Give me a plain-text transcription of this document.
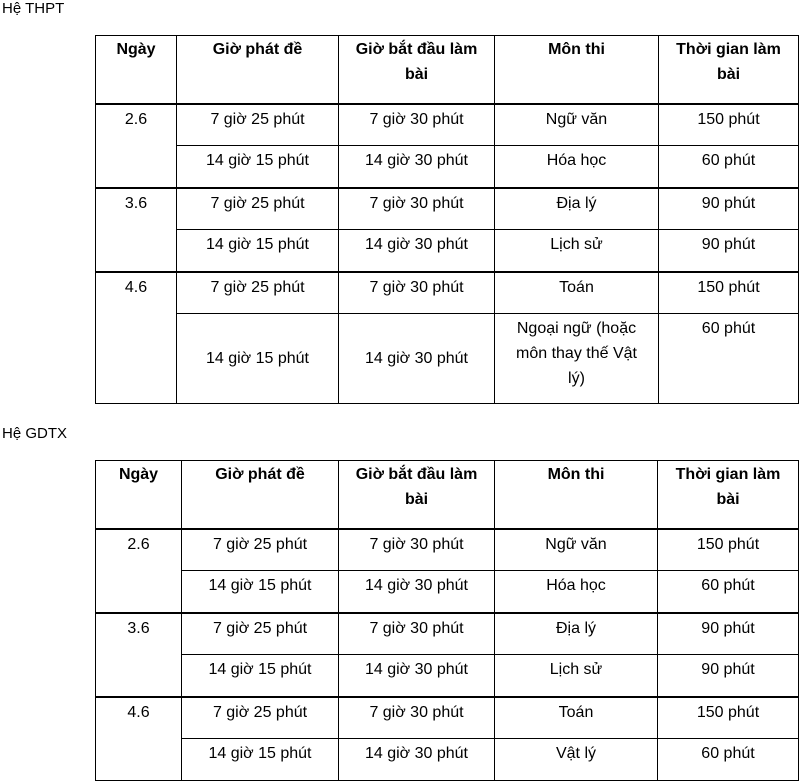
Hệ THPT
Ngày	Giờ phát đề	Giờ bắt đầu làm bài	Môn thi	Thời gian làm bài
2.6	7 giờ 25 phút	7 giờ 30 phút	Ngữ văn	150 phút
	14 giờ 15 phút	14 giờ 30 phút	Hóa học	60 phút
3.6	7 giờ 25 phút	7 giờ 30 phút	Địa lý	90 phút
	14 giờ 15 phút	14 giờ 30 phút	Lịch sử	90 phút
4.6	7 giờ 25 phút	7 giờ 30 phút	Toán	150 phút
	14 giờ 15 phút	14 giờ 30 phút	Ngoại ngữ (hoặc môn thay thế Vật lý)	60 phút
Hệ GDTX
Ngày	Giờ phát đề	Giờ bắt đầu làm bài	Môn thi	Thời gian làm bài
2.6	7 giờ 25 phút	7 giờ 30 phút	Ngữ văn	150 phút
	14 giờ 15 phút	14 giờ 30 phút	Hóa học	60 phút
3.6	7 giờ 25 phút	7 giờ 30 phút	Địa lý	90 phút
	14 giờ 15 phút	14 giờ 30 phút	Lịch sử	90 phút
4.6	7 giờ 25 phút	7 giờ 30 phút	Toán	150 phút
	14 giờ 15 phút	14 giờ 30 phút	Vật lý	60 phút
